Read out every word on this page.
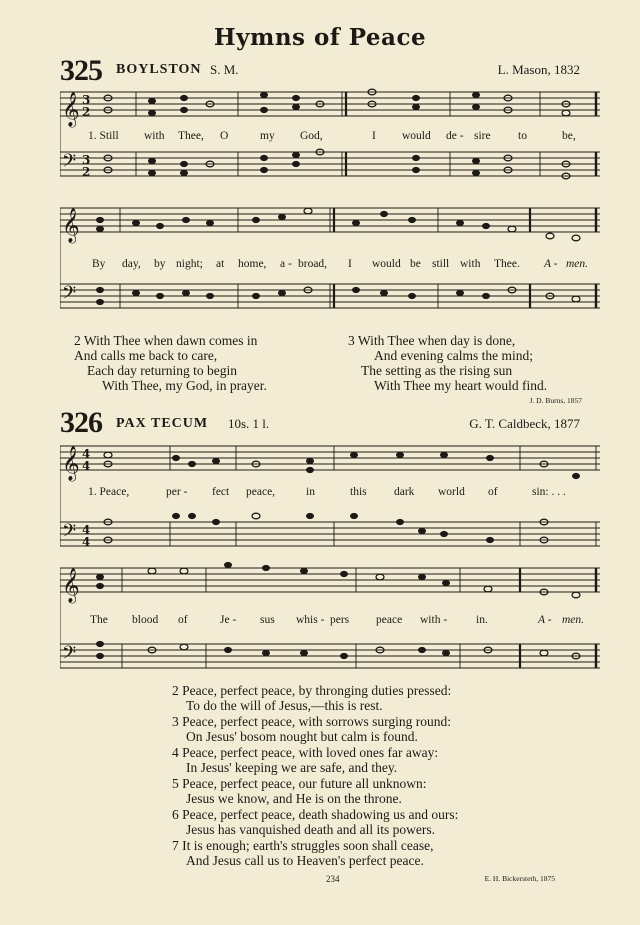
Hymns of Peace
325 BOYLSTON S. M.	L. Mason, 1832
𝄞
𝄢
𝄞
𝄢
3
2
3
2
1. Still with Thee, O	my God,	I would de - sire to	be,
By day, by night; at home, a - broad, I would be still with Thee. A - men.
2 With Thee when dawn comes in
And calls me back to care,
Each day returning to begin
With Thee, my God, in prayer.
3 With Thee when day is done,
And evening calms the mind;
The setting as the rising sun
With Thee my heart would find.
J. D. Burns, 1857
326 PAX TECUM 10s. 1 l.	G. T. Caldbeck, 1877
𝄞
𝄢
𝄞
𝄢
4
4
4
4
1. Peace,	per - fect peace,	in	this dark world of	sin: . . .
The blood of	Je - sus whis - pers peace with -	in.	A - men.
2 Peace, perfect peace, by thronging duties pressed:
To do the will of Jesus,—this is rest.
3 Peace, perfect peace, with sorrows surging round:
On Jesus' bosom nought but calm is found.
4 Peace, perfect peace, with loved ones far away:
In Jesus' keeping we are safe, and they.
5 Peace, perfect peace, our future all unknown:
Jesus we know, and He is on the throne.
6 Peace, perfect peace, death shadowing us and ours:
Jesus has vanquished death and all its powers.
7 It is enough; earth's struggles soon shall cease,
And Jesus call us to Heaven's perfect peace.
234	E. H. Bickersteth, 1875
